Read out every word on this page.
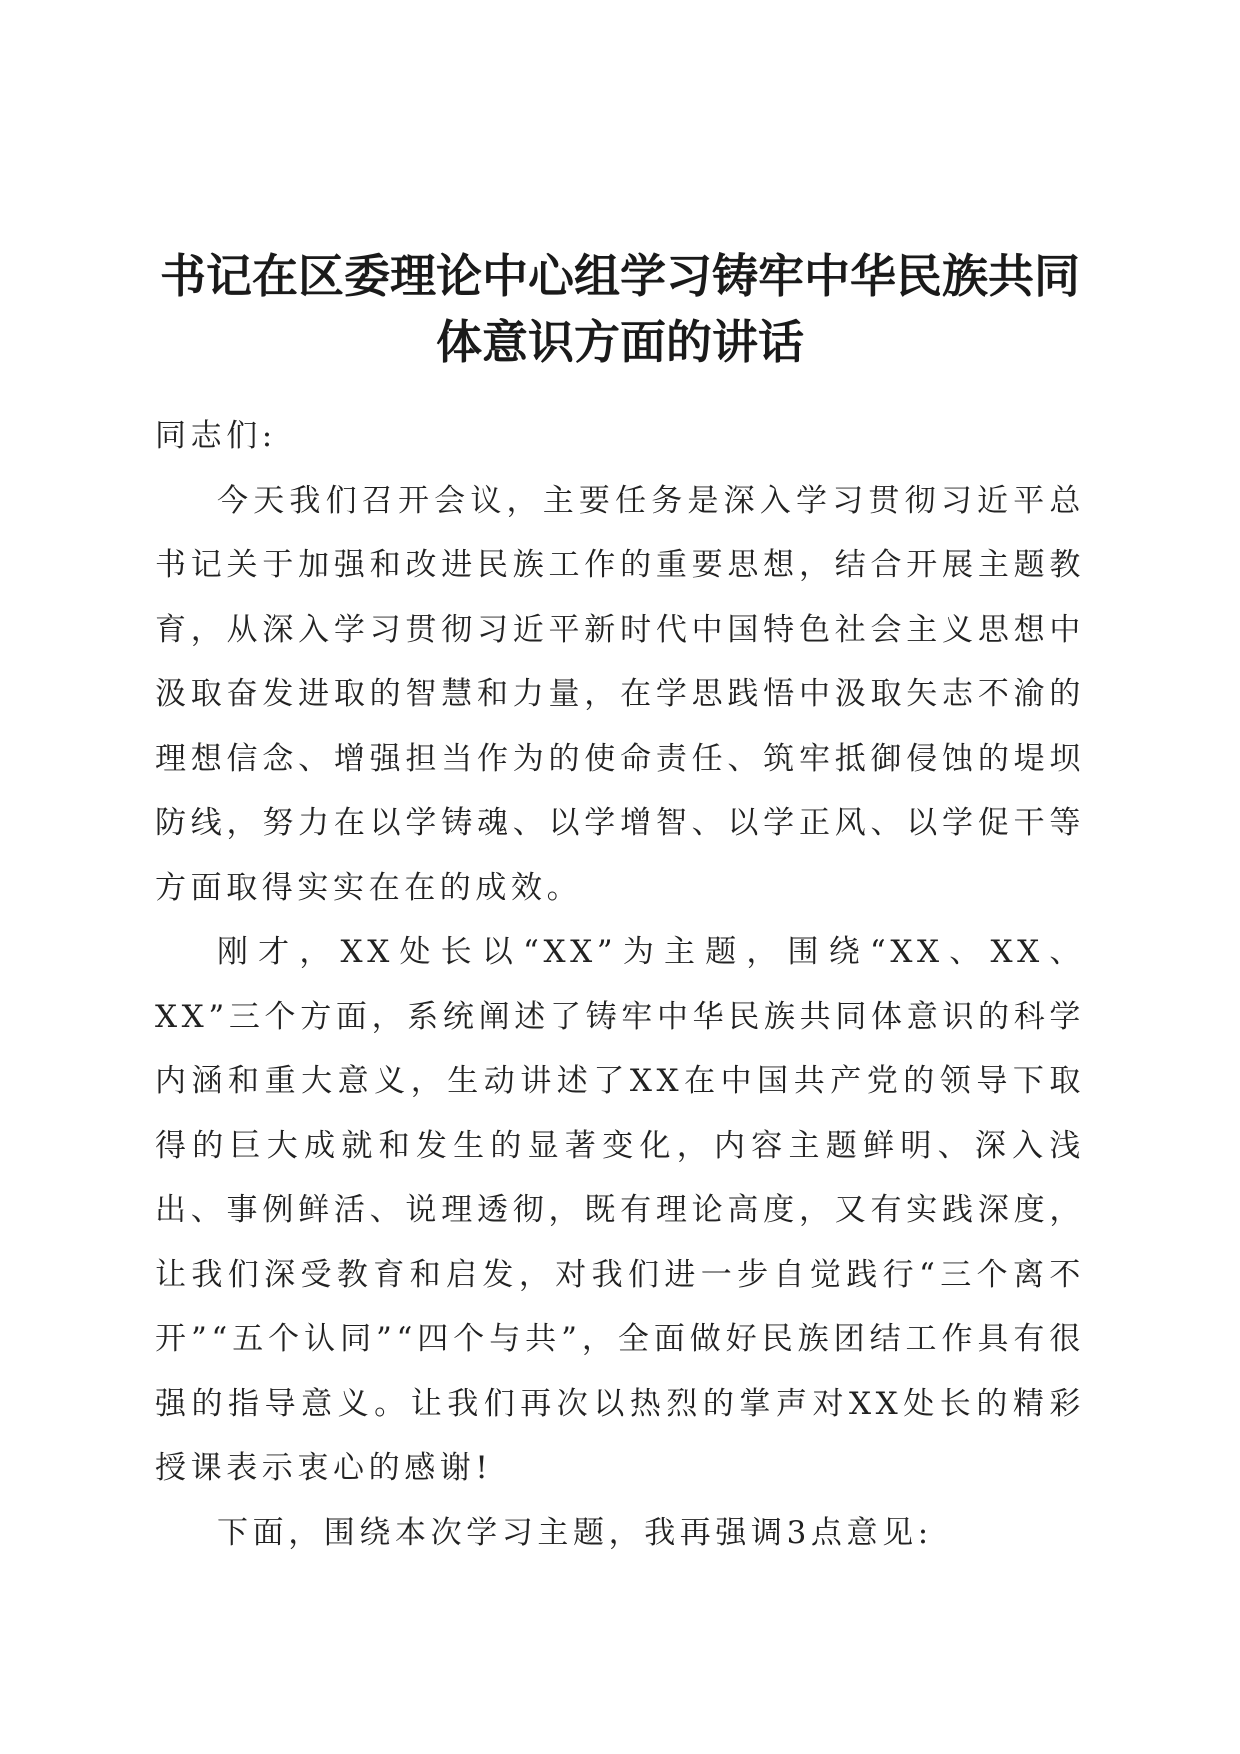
书记在区委理论中心组学习铸牢中华民族共同
体意识方面的讲话

同志们:

今天我们召开会议，主要任务是深入学习贯彻习近平总书记关于加强和改进民族工作的重要思想，结合开展主题教育，从深入学习贯彻习近平新时代中国特色社会主义思想中汲取奋发进取的智慧和力量，在学思践悟中汲取矢志不渝的理想信念、增强担当作为的使命责任、筑牢抵御侵蚀的堤坝防线，努力在以学铸魂、以学增智、以学正风、以学促干等方面取得实实在在的成效。

刚才，XX处长以“XX”为主题，围绕“XX、XX、XX”三个方面，系统阐述了铸牢中华民族共同体意识的科学内涵和重大意义，生动讲述了XX在中国共产党的领导下取得的巨大成就和发生的显著变化，内容主题鲜明、深入浅出、事例鲜活、说理透彻，既有理论高度，又有实践深度，让我们深受教育和启发，对我们进一步自觉践行“三个离不开”“五个认同”“四个与共”，全面做好民族团结工作具有很强的指导意义。让我们再次以热烈的掌声对XX处长的精彩授课表示衷心的感谢!

下面，围绕本次学习主题，我再强调3点意见:
